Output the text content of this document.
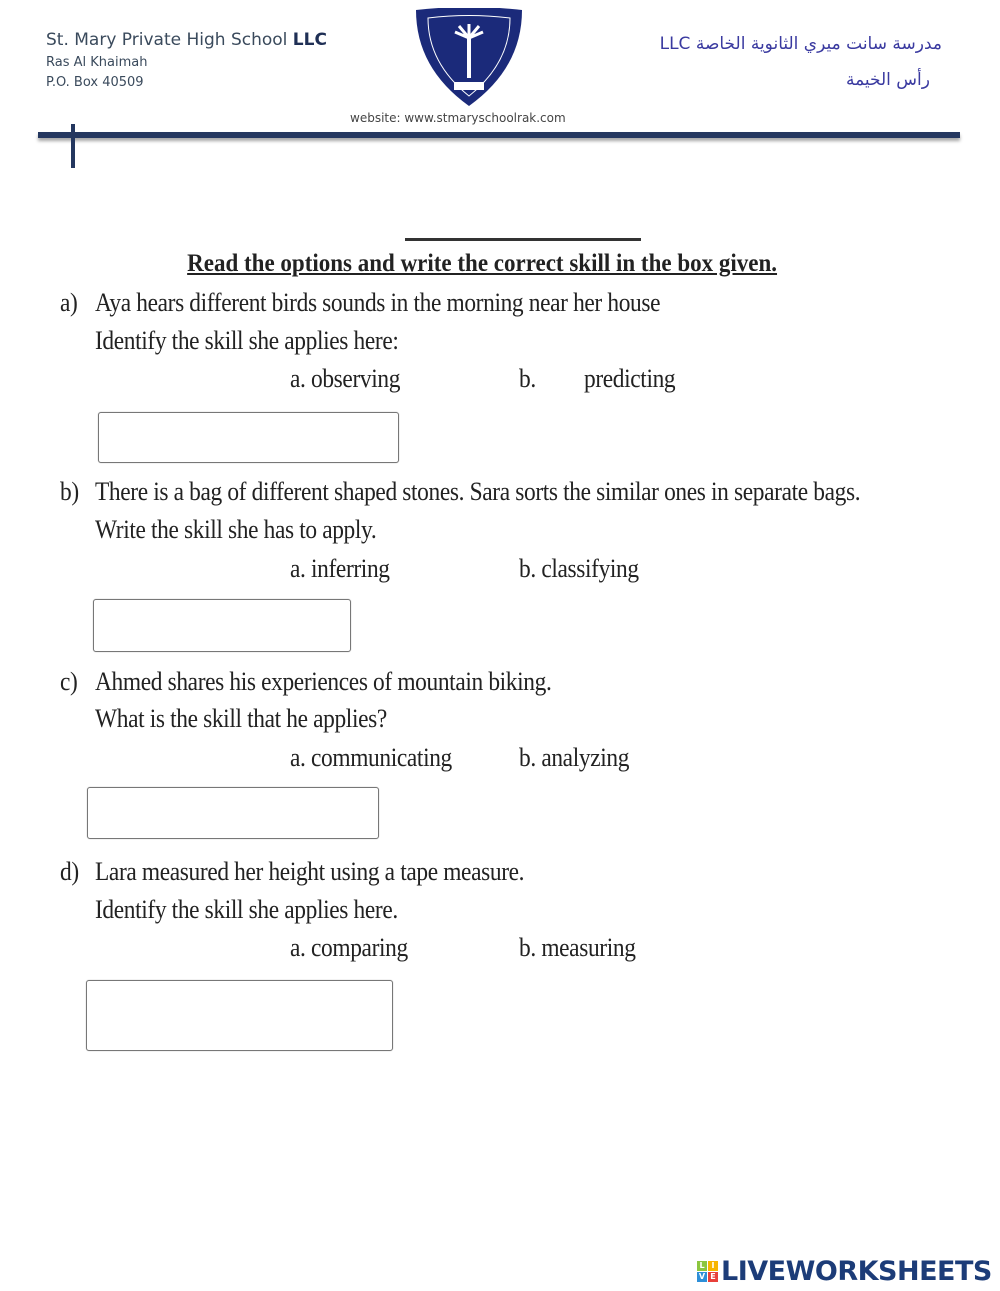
St. Mary Private High School LLC
Ras Al Khaimah
P.O. Box 40509
مدرسة سانت ميري الثانوية الخاصة LLC
رأس الخيمة
website: www.stmaryschoolrak.com
Read the options and write the correct skill in the box given.
a) Aya hears different birds sounds in the morning near her house
Identify the skill she applies here:
a. observing	b. predicting
b) There is a bag of different shaped stones. Sara sorts the similar ones in separate bags.
Write the skill she has to apply.
a. inferring	b. classifying
c) Ahmed shares his experiences of mountain biking.
What is the skill that he applies?
a. communicating	b. analyzing
d) Lara measured her height using a tape measure.
Identify the skill she applies here.
a. comparing	b. measuring
L I
V E LIVEWORKSHEETS
